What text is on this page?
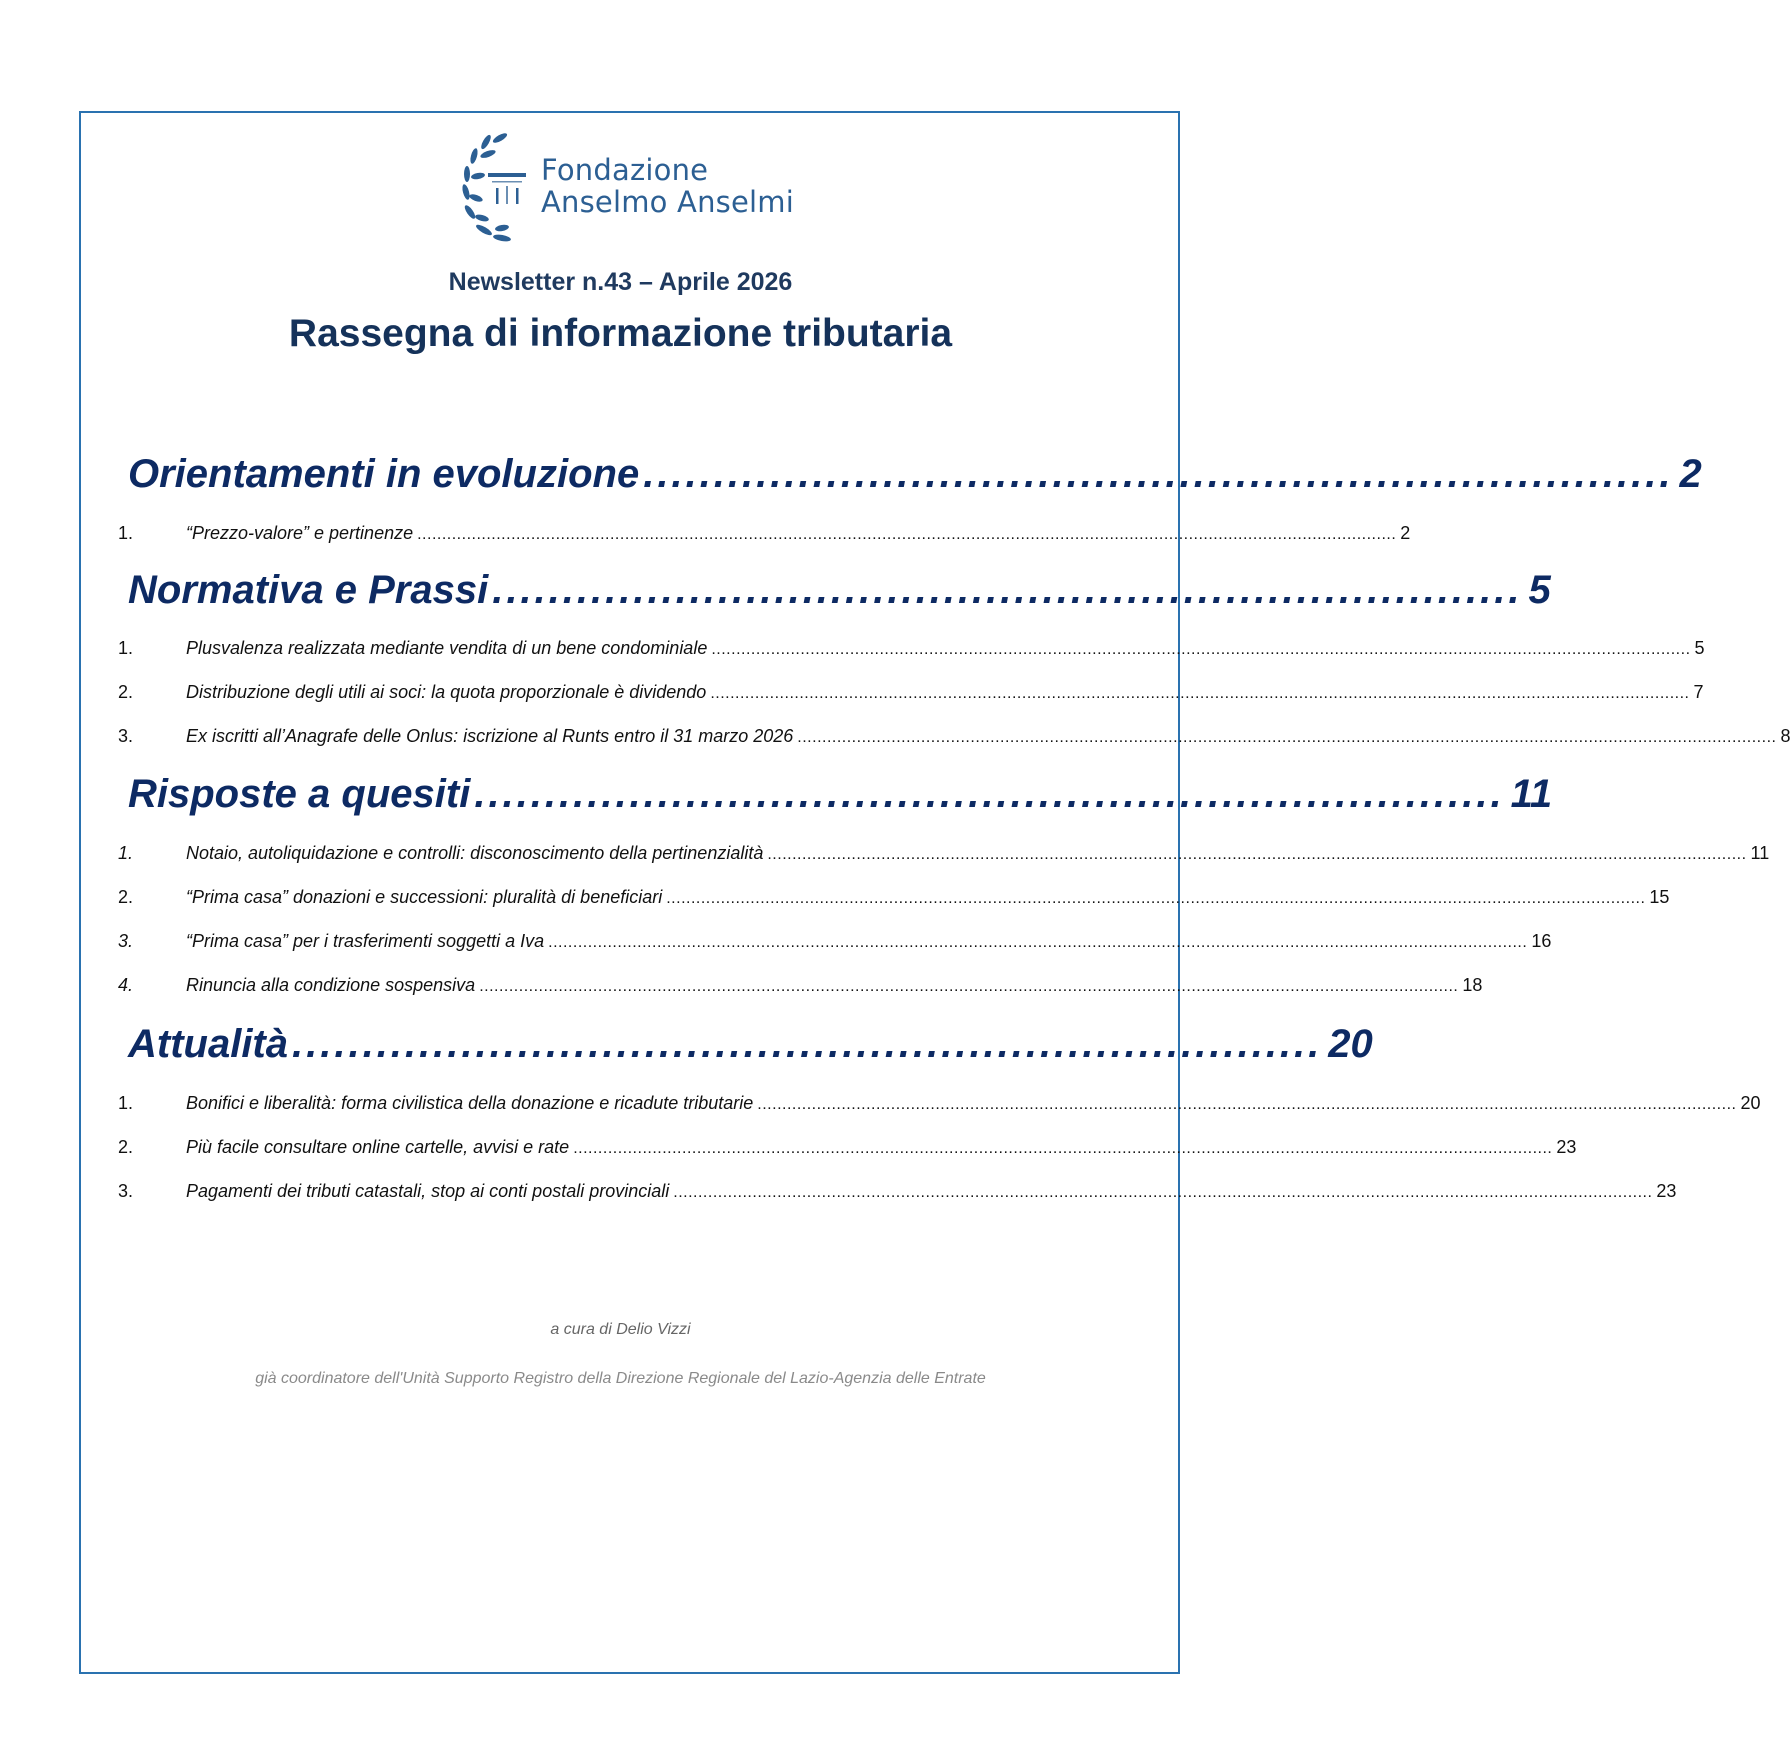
Fondazione
Anselmo Anselmi
Newsletter n.43 – Aprile 2026
Rassegna di informazione tributaria
Orientamenti in evoluzione ......................................................................... 2
1.	“Prezzo-valore” e pertinenze ...................................................................................................................................................................................................... 2
Normativa e Prassi ......................................................................... 5
1.	Plusvalenza realizzata mediante vendita di un bene condominiale ...................................................................................................................................................................................................... 5
2.	Distribuzione degli utili ai soci: la quota proporzionale è dividendo ...................................................................................................................................................................................................... 7
3.	Ex iscritti all’Anagrafe delle Onlus: iscrizione al Runts entro il 31 marzo 2026 ...................................................................................................................................................................................................... 8
Risposte a quesiti ......................................................................... 11
1.	Notaio, autoliquidazione e controlli: disconoscimento della pertinenzialità ...................................................................................................................................................................................................... 11
2.	“Prima casa” donazioni e successioni: pluralità di beneficiari ...................................................................................................................................................................................................... 15
3.	“Prima casa” per i trasferimenti soggetti a Iva ...................................................................................................................................................................................................... 16
4.	Rinuncia alla condizione sospensiva ...................................................................................................................................................................................................... 18
Attualità ......................................................................... 20
1.	Bonifici e liberalità: forma civilistica della donazione e ricadute tributarie ...................................................................................................................................................................................................... 20
2.	Più facile consultare online cartelle, avvisi e rate ...................................................................................................................................................................................................... 23
3.	Pagamenti dei tributi catastali, stop ai conti postali provinciali ...................................................................................................................................................................................................... 23
a cura di Delio Vizzi
già coordinatore dell'Unità Supporto Registro della Direzione Regionale del Lazio-Agenzia delle Entrate
